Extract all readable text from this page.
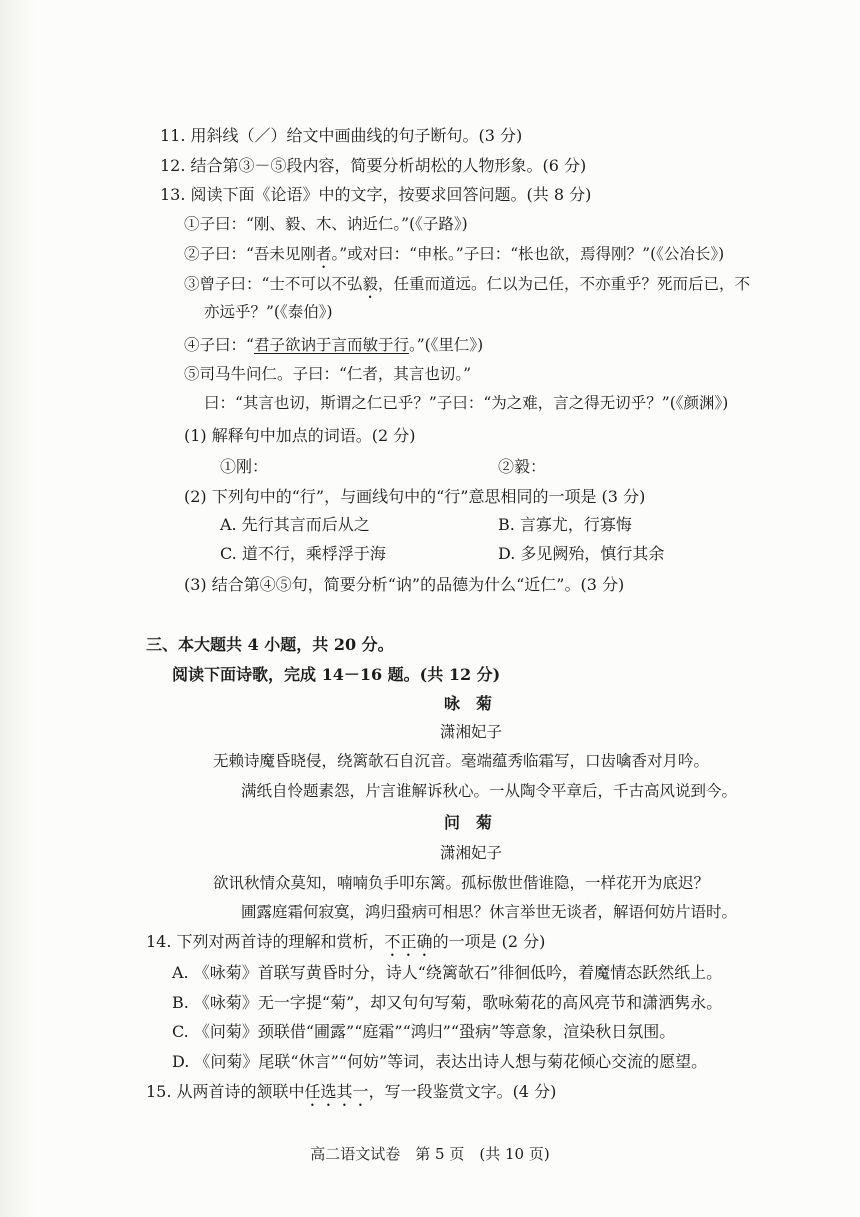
11. 用斜线（／）给文中画曲线的句子断句。(3 分)
12. 结合第③－⑤段内容，简要分析胡松的人物形象。(6 分)
13. 阅读下面《论语》中的文字，按要求回答问题。(共 8 分)
①子曰：“刚、毅、木、讷近仁。”(《子路》)
②子曰：“吾未见刚者。”或对曰：“申枨。”子曰：“枨也欲，焉得刚？”(《公冶长》)
③曾子曰：“士不可以不弘毅，任重而道远。仁以为己任，不亦重乎？死而后已，不
亦远乎？”(《泰伯》)
④子曰：“君子欲讷于言而敏于行。”(《里仁》)
⑤司马牛问仁。子曰：“仁者，其言也讱。”
曰：“其言也讱，斯谓之仁已乎？”子曰：“为之难，言之得无讱乎？”(《颜渊》)
(1) 解释句中加点的词语。(2 分)
①刚：	②毅：
(2) 下列句中的“行”，与画线句中的“行”意思相同的一项是 (3 分)
A. 先行其言而后从之	B. 言寡尤，行寡悔
C. 道不行，乘桴浮于海	D. 多见阙殆，慎行其余
(3) 结合第④⑤句，简要分析“讷”的品德为什么“近仁”。(3 分)
三、本大题共 4 小题，共 20 分。
阅读下面诗歌，完成 14－16 题。(共 12 分)
咏　菊
潇湘妃子
无赖诗魔昏晓侵，绕篱欹石自沉音。毫端蕴秀临霜写，口齿噙香对月吟。
满纸自怜题素怨，片言谁解诉秋心。一从陶令平章后，千古高风说到今。
问　菊
潇湘妃子
欲讯秋情众莫知，喃喃负手叩东篱。孤标傲世偕谁隐，一样花开为底迟？
圃露庭霜何寂寞，鸿归蛩病可相思？休言举世无谈者，解语何妨片语时。
14. 下列对两首诗的理解和赏析，不正确的一项是 (2 分)
A. 《咏菊》首联写黄昏时分，诗人“绕篱欹石”徘徊低吟，着魔情态跃然纸上。
B. 《咏菊》无一字提“菊”，却又句句写菊，歌咏菊花的高风亮节和潇洒隽永。
C. 《问菊》颈联借“圃露”“庭霜”“鸿归”“蛩病”等意象，渲染秋日氛围。
D. 《问菊》尾联“休言”“何妨”等词，表达出诗人想与菊花倾心交流的愿望。
15. 从两首诗的颔联中任选其一，写一段鉴赏文字。(4 分)
高二语文试卷　第 5 页　(共 10 页)
